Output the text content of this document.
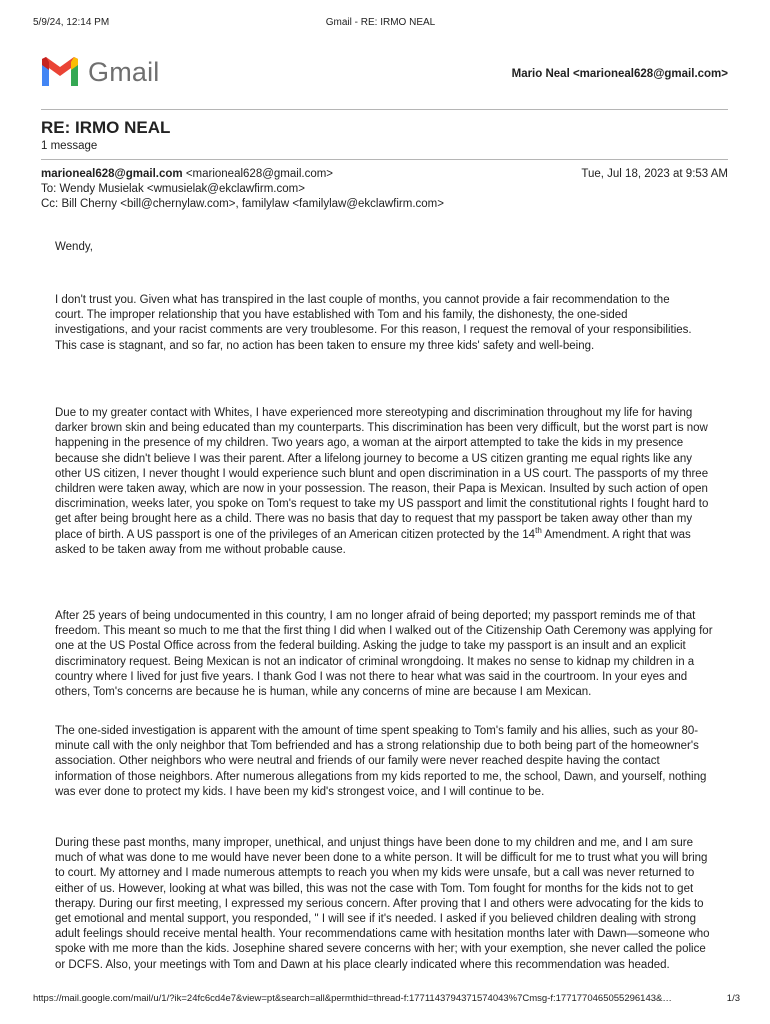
5/9/24, 12:14 PM	Gmail - RE: IRMO NEAL
Gmail	Mario Neal <marioneal628@gmail.com>
RE: IRMO NEAL
1 message
marioneal628@gmail.com <marioneal628@gmail.com>
To: Wendy Musielak <wmusielak@ekclawfirm.com>
Cc: Bill Cherny <bill@chernylaw.com>, familylaw <familylaw@ekclawfirm.com>
Tue, Jul 18, 2023 at 9:53 AM

Wendy,

I don't trust you. Given what has transpired in the last couple of months, you cannot provide a fair recommendation to the court. The improper relationship that you have established with Tom and his family, the dishonesty, the one-sided investigations, and your racist comments are very troublesome. For this reason, I request the removal of your responsibilities. This case is stagnant, and so far, no action has been taken to ensure my three kids' safety and well-being.

Due to my greater contact with Whites, I have experienced more stereotyping and discrimination throughout my life for having darker brown skin and being educated than my counterparts. This discrimination has been very difficult, but the worst part is now happening in the presence of my children. Two years ago, a woman at the airport attempted to take the kids in my presence because she didn't believe I was their parent. After a lifelong journey to become a US citizen granting me equal rights like any other US citizen, I never thought I would experience such blunt and open discrimination in a US court. The passports of my three children were taken away, which are now in your possession. The reason, their Papa is Mexican. Insulted by such action of open discrimination, weeks later, you spoke on Tom's request to take my US passport and limit the constitutional rights I fought hard to get after being brought here as a child. There was no basis that day to request that my passport be taken away other than my place of birth. A US passport is one of the privileges of an American citizen protected by the 14th Amendment. A right that was asked to be taken away from me without probable cause.

After 25 years of being undocumented in this country, I am no longer afraid of being deported; my passport reminds me of that freedom. This meant so much to me that the first thing I did when I walked out of the Citizenship Oath Ceremony was applying for one at the US Postal Office across from the federal building. Asking the judge to take my passport is an insult and an explicit discriminatory request. Being Mexican is not an indicator of criminal wrongdoing. It makes no sense to kidnap my children in a country where I lived for just five years. I thank God I was not there to hear what was said in the courtroom. In your eyes and others, Tom's concerns are because he is human, while any concerns of mine are because I am Mexican.

The one-sided investigation is apparent with the amount of time spent speaking to Tom's family and his allies, such as your 80-minute call with the only neighbor that Tom befriended and has a strong relationship due to both being part of the homeowner's association. Other neighbors who were neutral and friends of our family were never reached despite having the contact information of those neighbors. After numerous allegations from my kids reported to me, the school, Dawn, and yourself, nothing was ever done to protect my kids. I have been my kid's strongest voice, and I will continue to be.

During these past months, many improper, unethical, and unjust things have been done to my children and me, and I am sure much of what was done to me would have never been done to a white person. It will be difficult for me to trust what you will bring to court. My attorney and I made numerous attempts to reach you when my kids were unsafe, but a call was never returned to either of us. However, looking at what was billed, this was not the case with Tom. Tom fought for months for the kids not to get therapy. During our first meeting, I expressed my serious concern. After proving that I and others were advocating for the kids to get emotional and mental support, you responded, " I will see if it's needed. I asked if you believed children dealing with strong adult feelings should receive mental health. Your recommendations came with hesitation months later with Dawn—someone who spoke with me more than the kids. Josephine shared severe concerns with her; with your exemption, she never called the police or DCFS. Also, your meetings with Tom and Dawn at his place clearly indicated where this recommendation was headed.

https://mail.google.com/mail/u/1/?ik=24fc6cd4e7&view=pt&search=all&permthid=thread-f:1771143794371574043%7Cmsg-f:1771770465055296143&…	1/3
